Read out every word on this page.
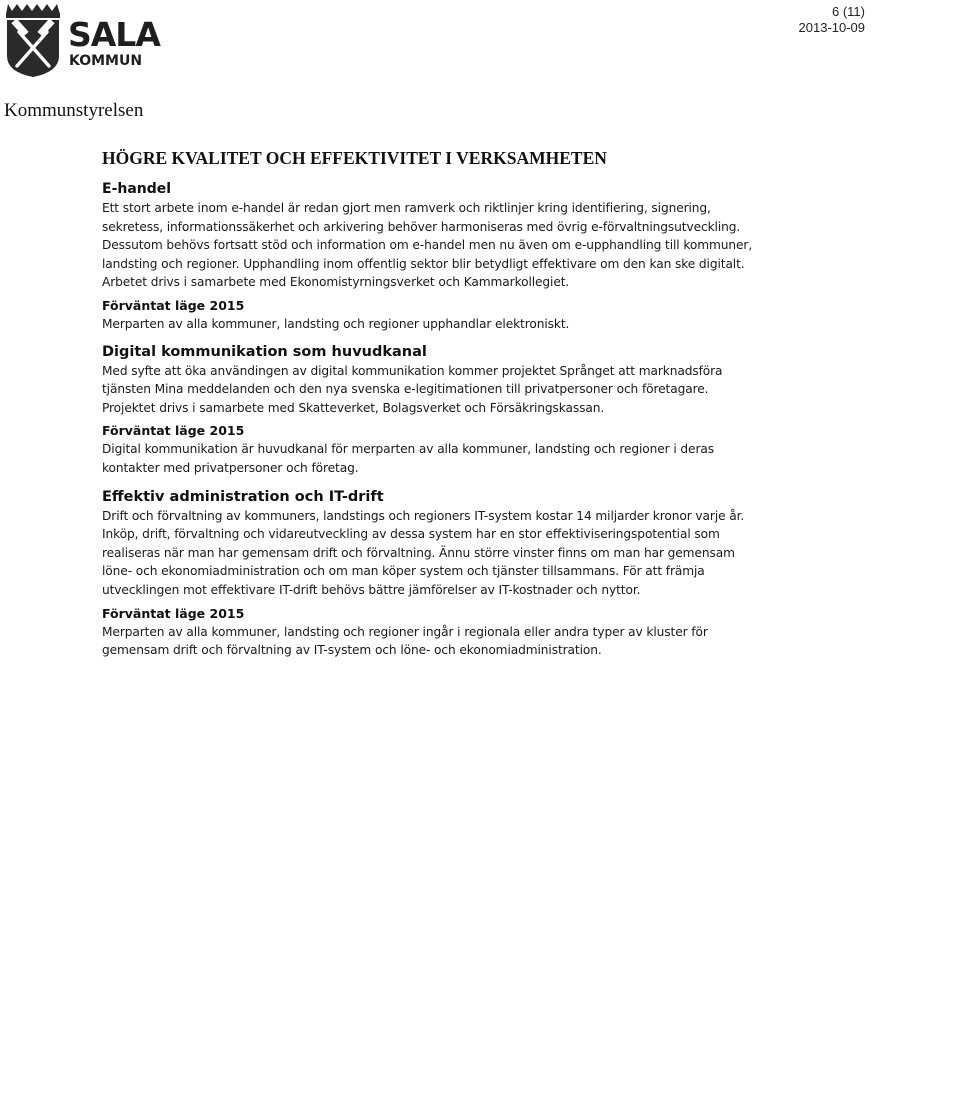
SALA
KOMMUN
6 (11)
2013-10-09
Kommunstyrelsen
HÖGRE KVALITET OCH EFFEKTIVITET I VERKSAMHETEN
E-handel
Ett stort arbete inom e-handel är redan gjort men ramverk och riktlinjer kring identifiering, signering,
sekretess, informationssäkerhet och arkivering behöver harmoniseras med övrig e-förvaltningsutveckling.
Dessutom behövs fortsatt stöd och information om e-handel men nu även om e-upphandling till kommuner,
landsting och regioner. Upphandling inom offentlig sektor blir betydligt effektivare om den kan ske digitalt.
Arbetet drivs i samarbete med Ekonomistyrningsverket och Kammarkollegiet.
Förväntat läge 2015
Merparten av alla kommuner, landsting och regioner upphandlar elektroniskt.
Digital kommunikation som huvudkanal
Med syfte att öka användingen av digital kommunikation kommer projektet Språnget att marknadsföra
tjänsten Mina meddelanden och den nya svenska e-legitimationen till privatpersoner och företagare.
Projektet drivs i samarbete med Skatteverket, Bolagsverket och Försäkringskassan.
Förväntat läge 2015
Digital kommunikation är huvudkanal för merparten av alla kommuner, landsting och regioner i deras
kontakter med privatpersoner och företag.
Effektiv administration och IT-drift
Drift och förvaltning av kommuners, landstings och regioners IT-system kostar 14 miljarder kronor varje år.
Inköp, drift, förvaltning och vidareutveckling av dessa system har en stor effektiviseringspotential som
realiseras när man har gemensam drift och förvaltning. Ännu större vinster finns om man har gemensam
löne- och ekonomiadministration och om man köper system och tjänster tillsammans. För att främja
utvecklingen mot effektivare IT-drift behövs bättre jämförelser av IT-kostnader och nyttor.
Förväntat läge 2015
Merparten av alla kommuner, landsting och regioner ingår i regionala eller andra typer av kluster för
gemensam drift och förvaltning av IT-system och löne- och ekonomiadministration.
